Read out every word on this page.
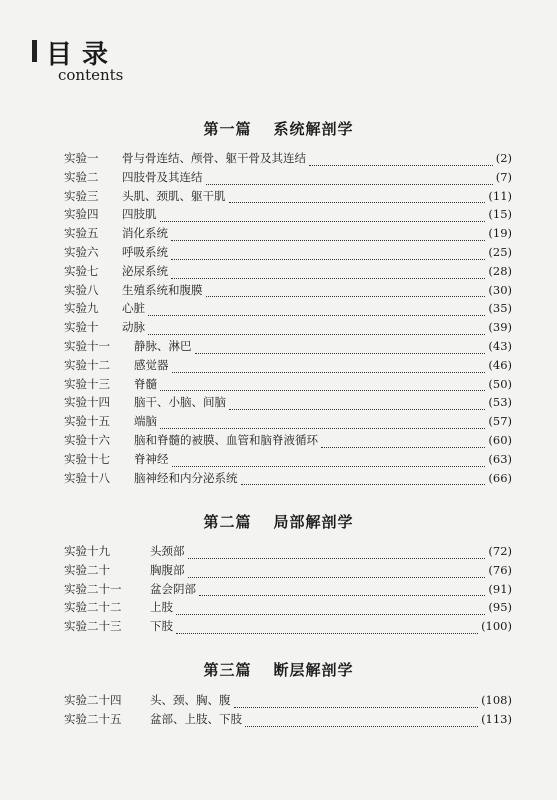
目录
contents
第一篇 系统解剖学
实验一	骨与骨连结、颅骨、躯干骨及其连结	(2)
实验二	四肢骨及其连结	(7)
实验三	头肌、颈肌、躯干肌	(11)
实验四	四肢肌	(15)
实验五	消化系统	(19)
实验六	呼吸系统	(25)
实验七	泌尿系统	(28)
实验八	生殖系统和腹膜	(30)
实验九	心脏	(35)
实验十	动脉	(39)
实验十一	静脉、淋巴	(43)
实验十二	感觉器	(46)
实验十三	脊髓	(50)
实验十四	脑干、小脑、间脑	(53)
实验十五	端脑	(57)
实验十六	脑和脊髓的被膜、血管和脑脊液循环	(60)
实验十七	脊神经	(63)
实验十八	脑神经和内分泌系统	(66)
第二篇 局部解剖学
实验十九	头颈部	(72)
实验二十	胸腹部	(76)
实验二十一	盆会阴部	(91)
实验二十二	上肢	(95)
实验二十三	下肢	(100)
第三篇 断层解剖学
实验二十四	头、颈、胸、腹	(108)
实验二十五	盆部、上肢、下肢	(113)
